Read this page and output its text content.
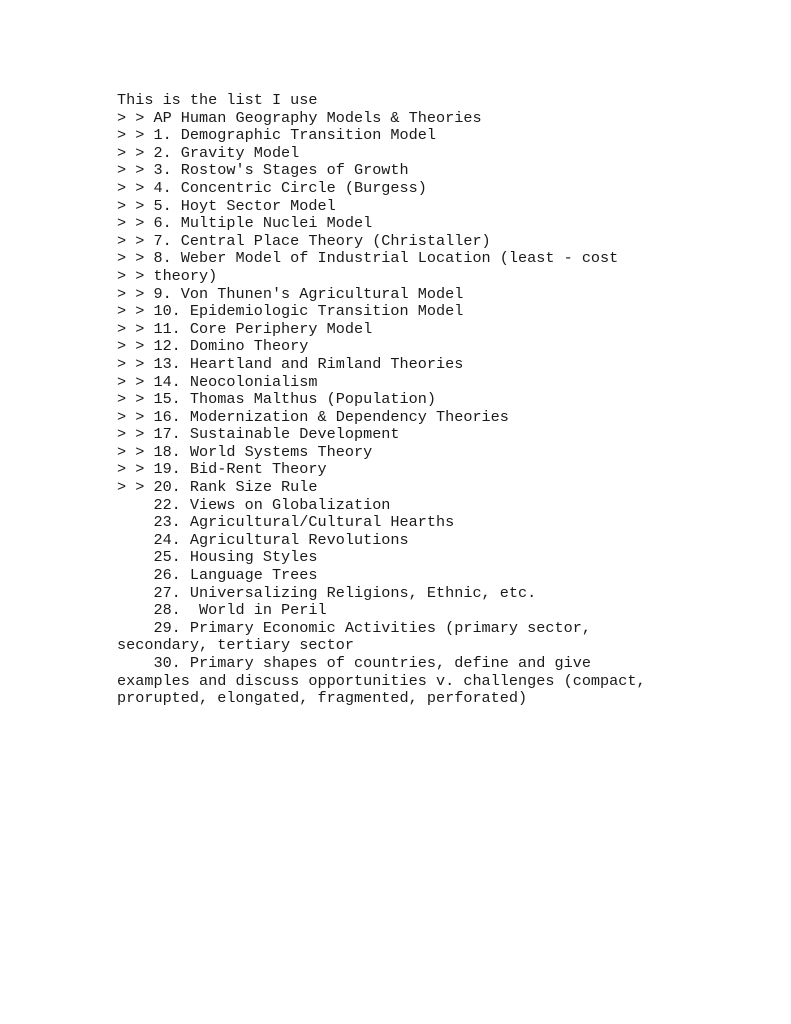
This is the list I use
> > AP Human Geography Models & Theories
> > 1. Demographic Transition Model
> > 2. Gravity Model
> > 3. Rostow's Stages of Growth
> > 4. Concentric Circle (Burgess)
> > 5. Hoyt Sector Model
> > 6. Multiple Nuclei Model
> > 7. Central Place Theory (Christaller)
> > 8. Weber Model of Industrial Location (least - cost
> > theory)
> > 9. Von Thunen's Agricultural Model
> > 10. Epidemiologic Transition Model
> > 11. Core Periphery Model
> > 12. Domino Theory
> > 13. Heartland and Rimland Theories
> > 14. Neocolonialism
> > 15. Thomas Malthus (Population)
> > 16. Modernization & Dependency Theories
> > 17. Sustainable Development
> > 18. World Systems Theory
> > 19. Bid-Rent Theory
> > 20. Rank Size Rule
22. Views on Globalization
23. Agricultural/Cultural Hearths
24. Agricultural Revolutions
25. Housing Styles
26. Language Trees
27. Universalizing Religions, Ethnic, etc.
28.  World in Peril
29. Primary Economic Activities (primary sector,
secondary, tertiary sector
30. Primary shapes of countries, define and give
examples and discuss opportunities v. challenges (compact,
prorupted, elongated, fragmented, perforated)
